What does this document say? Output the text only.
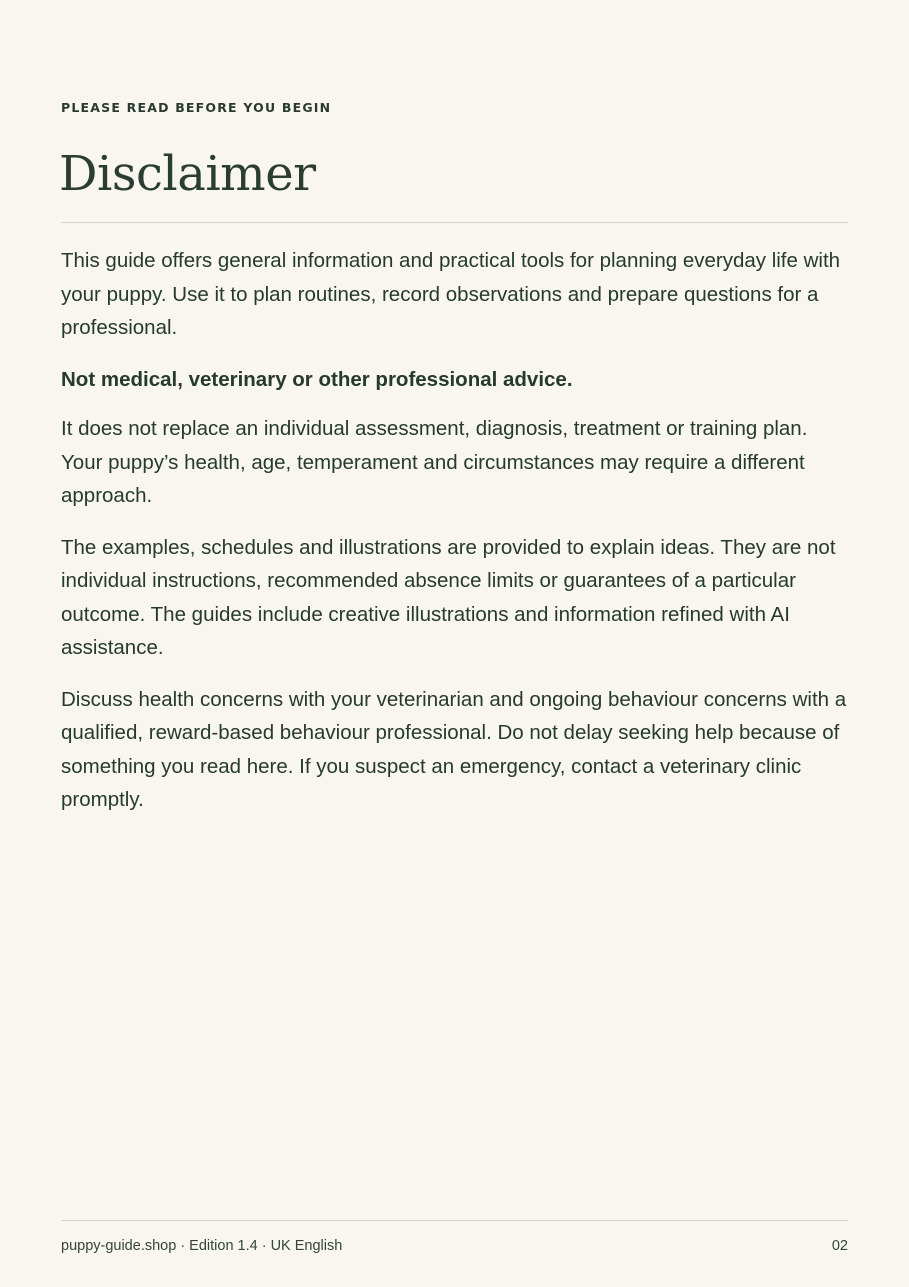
PLEASE READ BEFORE YOU BEGIN
Disclaimer

This guide offers general information and practical tools for planning everyday life with your puppy. Use it to plan routines, record observations and prepare questions for a professional.

Not medical, veterinary or other professional advice.

It does not replace an individual assessment, diagnosis, treatment or training plan. Your puppy’s health, age, temperament and circumstances may require a different approach.

The examples, schedules and illustrations are provided to explain ideas. They are not individual instructions, recommended absence limits or guarantees of a particular outcome. The guides include creative illustrations and information refined with AI assistance.

Discuss health concerns with your veterinarian and ongoing behaviour concerns with a qualified, reward-based behaviour professional. Do not delay seeking help because of something you read here. If you suspect an emergency, contact a veterinary clinic promptly.

puppy-guide.shop · Edition 1.4 · UK English	02
